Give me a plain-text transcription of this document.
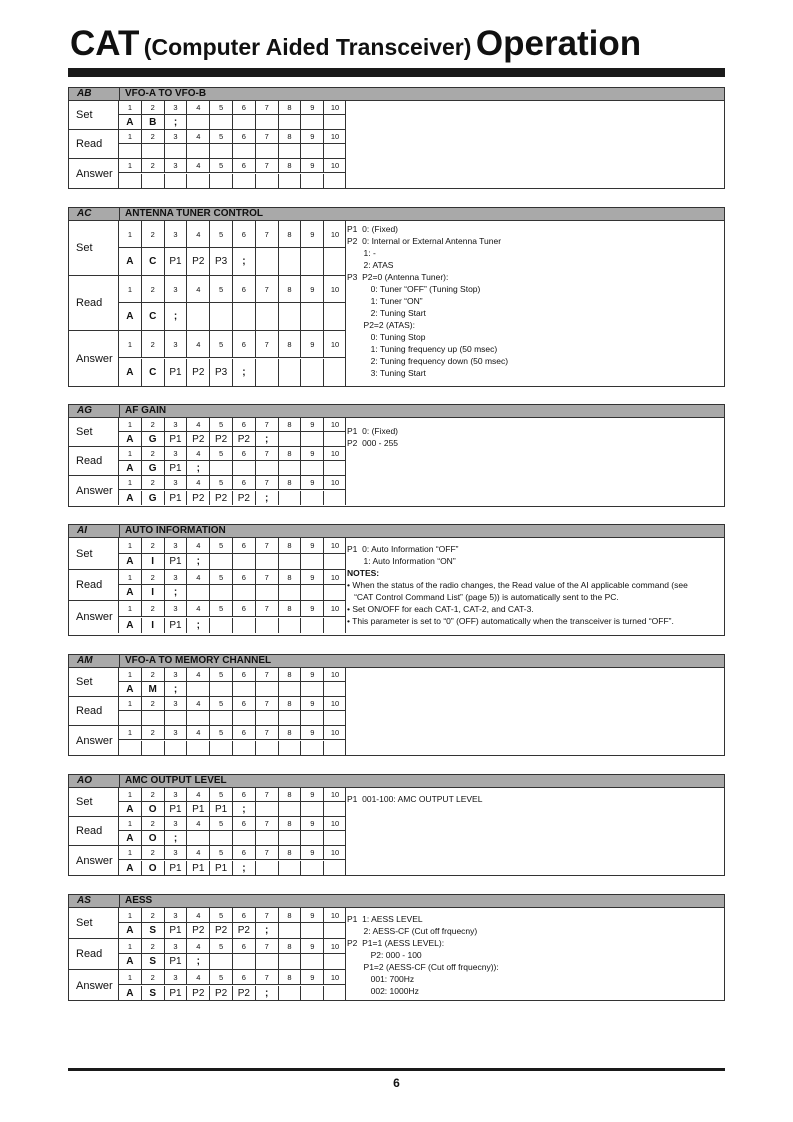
CAT (Computer Aided Transceiver) Operation
AB	VFO-A TO VFO-B
Set
1	2	3	4	5	6	7	8	9	10
A	B	;
Read
1	2	3	4	5	6	7	8	9	10
Answer
1	2	3	4	5	6	7	8	9	10
AC	ANTENNA TUNER CONTROL
Set
1	2	3	4	5	6	7	8	9	10
A	C	P1	P2	P3	;
Read
1	2	3	4	5	6	7	8	9	10
A	C	;
Answer
1	2	3	4	5	6	7	8	9	10
A	C	P1	P2	P3	;
P1  0: (Fixed)
P2  0: Internal or External Antenna Tuner
1: -
2: ATAS
P3  P2=0 (Antenna Tuner):
0: Tuner “OFF” (Tuning Stop)
1: Tuner “ON”
2: Tuning Start
P2=2 (ATAS):
0: Tuning Stop
1: Tuning frequency up (50 msec)
2: Tuning frequency down (50 msec)
3: Tuning Start
AG	AF GAIN
Set
1	2	3	4	5	6	7	8	9	10
A	G	P1	P2	P2	P2	;
Read
1	2	3	4	5	6	7	8	9	10
A	G	P1	;
Answer
1	2	3	4	5	6	7	8	9	10
A	G	P1	P2	P2	P2	;
P1  0: (Fixed)
P2  000 - 255
AI	AUTO INFORMATION
Set
1	2	3	4	5	6	7	8	9	10
A	I	P1	;
Read
1	2	3	4	5	6	7	8	9	10
A	I	;
Answer
1	2	3	4	5	6	7	8	9	10
A	I	P1	;
P1  0: Auto Information “OFF”
1: Auto Information “ON”
NOTES:
• When the status of the radio changes, the Read value of the AI applicable command (see
“CAT Control Command List” (page 5)) is automatically sent to the PC.
• Set ON/OFF for each CAT-1, CAT-2, and CAT-3.
• This parameter is set to “0” (OFF) automatically when the transceiver is turned “OFF”.
AM	VFO-A TO MEMORY CHANNEL
Set
1	2	3	4	5	6	7	8	9	10
A	M	;
Read
1	2	3	4	5	6	7	8	9	10
Answer
1	2	3	4	5	6	7	8	9	10
AO	AMC OUTPUT LEVEL
Set
1	2	3	4	5	6	7	8	9	10
A	O	P1	P1	P1	;
Read
1	2	3	4	5	6	7	8	9	10
A	O	;
Answer
1	2	3	4	5	6	7	8	9	10
A	O	P1	P1	P1	;
P1  001-100: AMC OUTPUT LEVEL
AS	AESS
Set
1	2	3	4	5	6	7	8	9	10
A	S	P1	P2	P2	P2	;
Read
1	2	3	4	5	6	7	8	9	10
A	S	P1	;
Answer
1	2	3	4	5	6	7	8	9	10
A	S	P1	P2	P2	P2	;
P1  1: AESS LEVEL
2: AESS-CF (Cut off frquecny)
P2  P1=1 (AESS LEVEL):
P2: 000 - 100
P1=2 (AESS-CF (Cut off frquecny)):
001: 700Hz
002: 1000Hz
6
